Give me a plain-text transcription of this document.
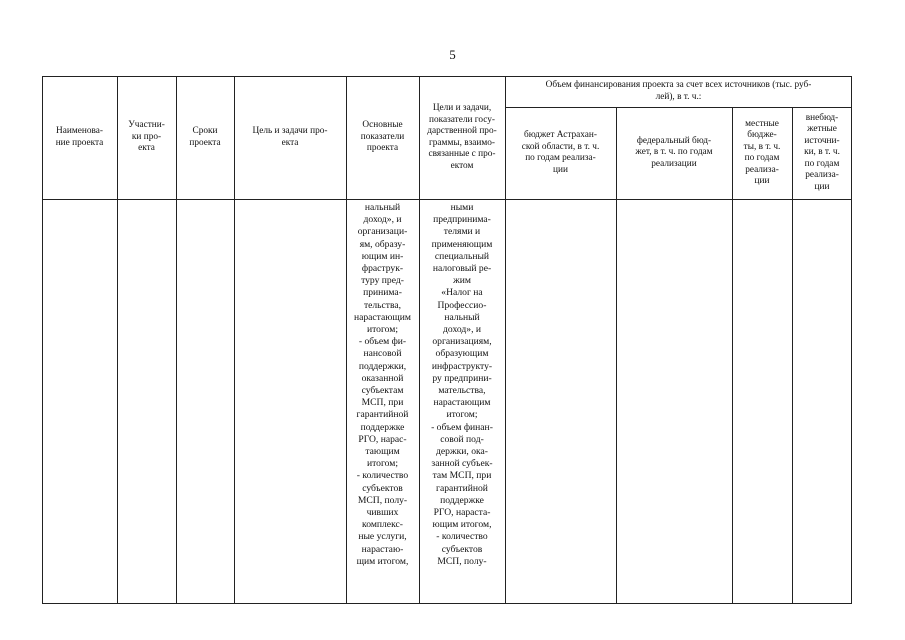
5
Наименова-
ние проекта
Участни-
ки про-
екта
Сроки
проекта
Цель и задачи про-
екта
Основные
показатели
проекта
Цели и задачи,
показатели госу-
дарственной про-
граммы, взаимо-
связанные с про-
ектом
Объем финансирования проекта за счет всех источников (тыс. руб-
лей), в т. ч.:
бюджет Астрахан-
ской области, в т. ч.
по годам реализа-
ции
федеральный бюд-
жет, в т. ч. по годам
реализации
местные
бюдже-
ты, в т. ч.
по годам
реализа-
ции
внебюд-
жетные
источни-
ки, в т. ч.
по годам
реализа-
ции
нальный
доход», и
организаци-
ям, образу-
ющим ин-
фраструк-
туру пред-
принима-
тельства,
нарастающим
итогом;
- объем фи-
нансовой
поддержки,
оказанной
субъектам
МСП, при
гарантийной
поддержке
РГО, нарас-
тающим
итогом;
- количество
субъектов
МСП, полу-
чивших
комплекс-
ные услуги,
нарастаю-
щим итогом,
ными
предпринима-
телями и
применяющим
специальный
налоговый ре-
жим
«Налог на
Профессио-
нальный
доход», и
организациям,
образующим
инфраструкту-
ру предприни-
мательства,
нарастающим
итогом;
- объем финан-
совой под-
держки, ока-
занной субъек-
там МСП, при
гарантийной
поддержке
РГО, нараста-
ющим итогом,
- количество
субъектов
МСП, полу-
